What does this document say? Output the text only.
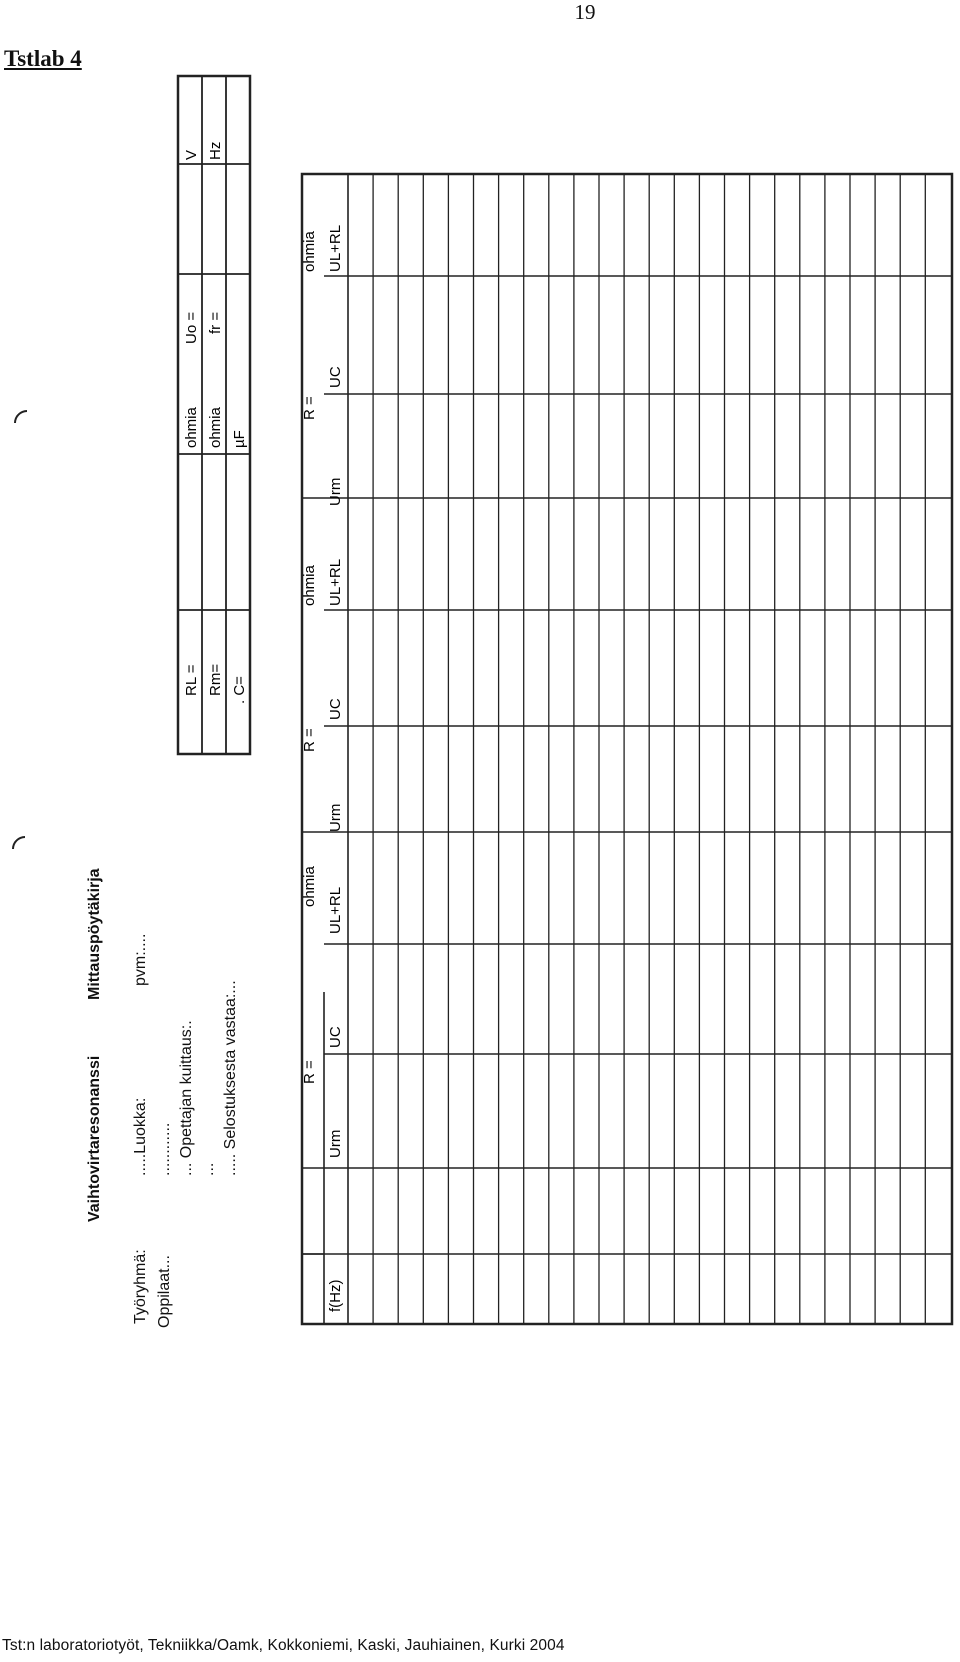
19
Tstlab 4
Vaihtovirtaresonanssi
Mittauspöytäkirja
Työryhmä:
.....Luokka:
pvm:....
Oppilaat...
............ ... Opettajan kuittaus:. ... ..... Selostuksesta vastaa:...
RL = Rm= . C=
ohmia ohmia µF
Uo = fr =
V Hz
f(Hz)
R =
ohmia
Urm
UC
UL+RL
R =
ohmia
Urm
UC
UL+RL
R =
ohmia
Urm
UC
UL+RL
Tst:n laboratoriotyöt, Tekniikka/Oamk, Kokkoniemi, Kaski, Jauhiainen, Kurki 2004
